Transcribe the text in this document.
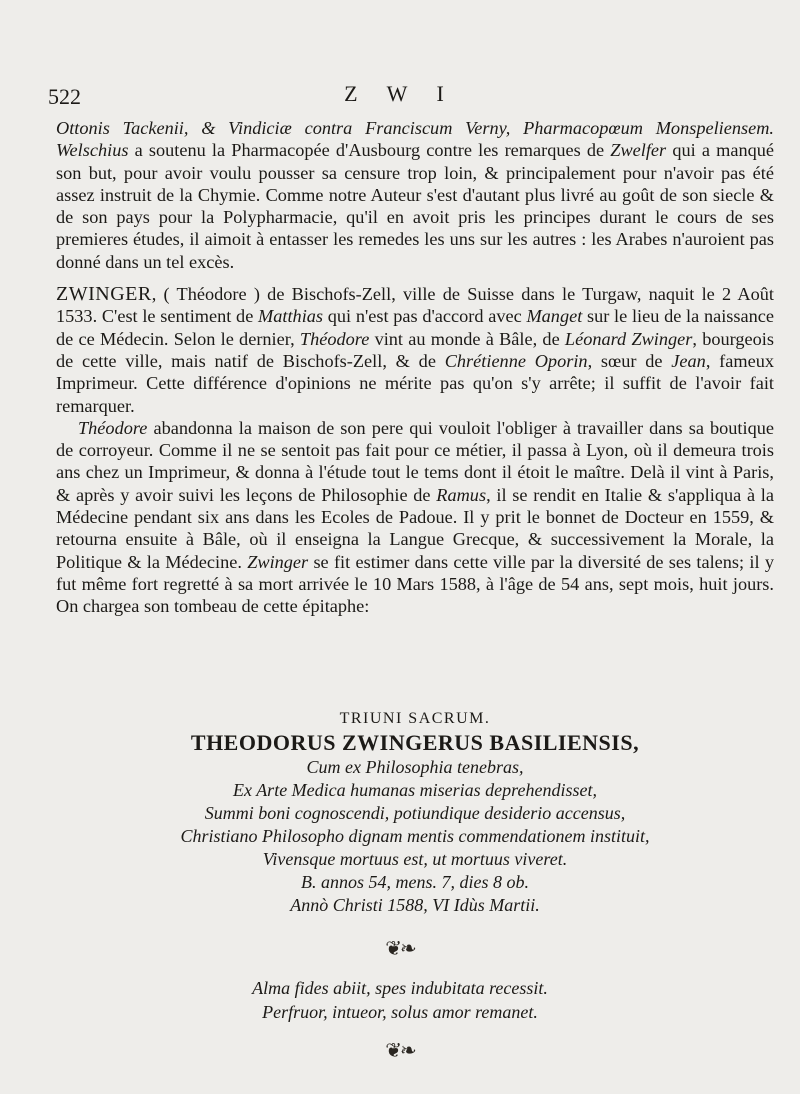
522	Z W I

Ottonis Tackenii, & Vindiciæ contra Franciscum Verny, Pharmacopœum Monspeliensem. Welschius a soutenu la Pharmacopée d'Ausbourg contre les remarques de Zwelfer qui a manqué son but, pour avoir voulu pousser sa censure trop loin, & principalement pour n'avoir pas été assez instruit de la Chymie. Comme notre Auteur s'est d'autant plus livré au goût de son siecle & de son pays pour la Polypharmacie, qu'il en avoit pris les principes durant le cours de ses premieres études, il aimoit à entasser les remedes les uns sur les autres : les Arabes n'auroient pas donné dans un tel excès.

ZWINGER, ( Théodore ) de Bischofs-Zell, ville de Suisse dans le Turgaw, naquit le 2 Août 1533. C'est le sentiment de Matthias qui n'est pas d'accord avec Manget sur le lieu de la naissance de ce Médecin. Selon le dernier, Théodore vint au monde à Bâle, de Léonard Zwinger, bourgeois de cette ville, mais natif de Bischofs-Zell, & de Chrétienne Oporin, sœur de Jean, fameux Imprimeur. Cette différence d'opinions ne mérite pas qu'on s'y arrête; il suffit de l'avoir fait remarquer.

Théodore abandonna la maison de son pere qui vouloit l'obliger à travailler dans sa boutique de corroyeur. Comme il ne se sentoit pas fait pour ce métier, il passa à Lyon, où il demeura trois ans chez un Imprimeur, & donna à l'étude tout le tems dont il étoit le maître. Delà il vint à Paris, & après y avoir suivi les leçons de Philosophie de Ramus, il se rendit en Italie & s'appliqua à la Médecine pendant six ans dans les Ecoles de Padoue. Il y prit le bonnet de Docteur en 1559, & retourna ensuite à Bâle, où il enseigna la Langue Grecque, & successivement la Morale, la Politique & la Médecine. Zwinger se fit estimer dans cette ville par la diversité de ses talens; il y fut même fort regretté à sa mort arrivée le 10 Mars 1588, à l'âge de 54 ans, sept mois, huit jours. On chargea son tombeau de cette épitaphe:

TRIUNI SACRUM.
THEODORUS ZWINGERUS BASILIENSIS,
Cum ex Philosophia tenebras,
Ex Arte Medica humanas miserias deprehendisset,
Summi boni cognoscendi, potiundique desiderio accensus,
Christiano Philosopho dignam mentis commendationem instituit,
Vivensque mortuus est, ut mortuus viveret.
B. annos 54, mens. 7, dies 8 ob.
Annò Christi 1588, VI Idùs Martii.
❦❧
Alma fides abiit, spes indubitata recessit.
Perfruor, intueor, solus amor remanet.
❦❧
